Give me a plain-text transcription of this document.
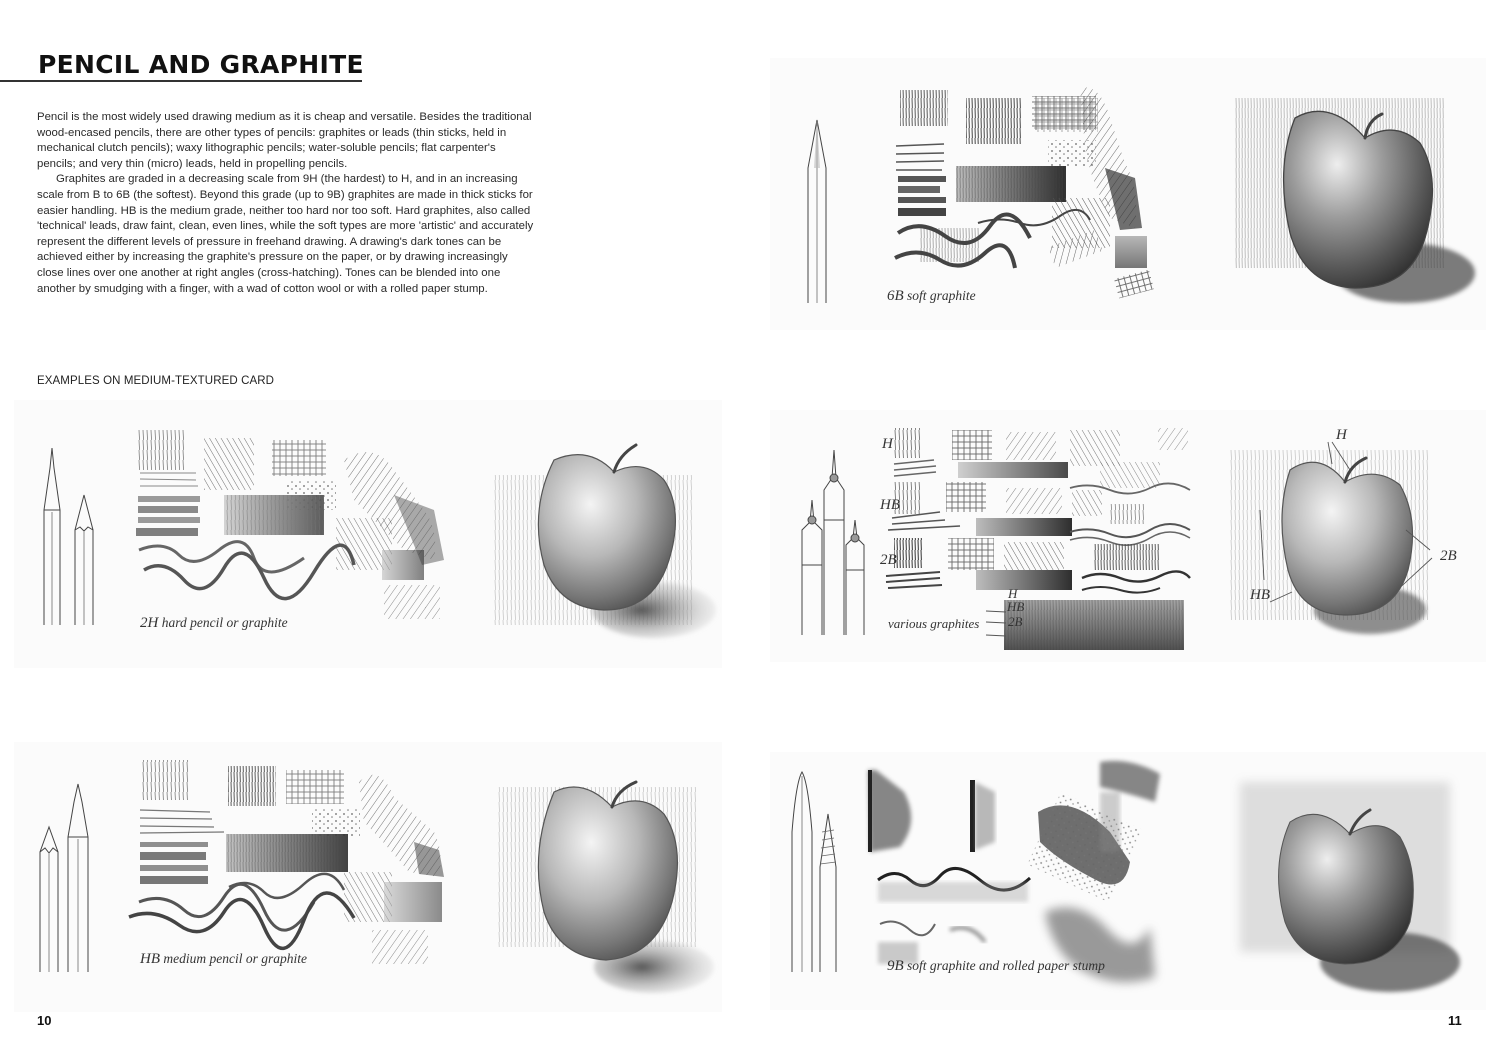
PENCIL AND GRAPHITE

Pencil is the most widely used drawing medium as it is cheap and versatile. Besides the traditional wood-encased pencils, there are other types of pencils: graphites or leads (thin sticks, held in mechanical clutch pencils); waxy lithographic pencils; water-soluble pencils; flat carpenter's pencils; and very thin (micro) leads, held in propelling pencils.

Graphites are graded in a decreasing scale from 9H (the hardest) to H, and in an increasing scale from B to 6B (the softest). Beyond this grade (up to 9B) graphites are made in thick sticks for easier handling. HB is the medium grade, neither too hard nor too soft. Hard graphites, also called 'technical' leads, draw faint, clean, even lines, while the soft types are more 'artistic' and accurately represent the different levels of pressure in freehand drawing. A drawing's dark tones can be achieved either by increasing the graphite's pressure on the paper, or by drawing increasingly close lines over one another at right angles (cross-hatching). Tones can be blended into one another by smudging with a finger, with a wad of cotton wool or with a rolled paper stump.

EXAMPLES ON MEDIUM-TEXTURED CARD
2H hard pencil or graphite
HB medium pencil or graphite
10
6B soft graphite
H
HB
2B
H
HB
2B
various graphites
H
2B
HB
9B soft graphite and rolled paper stump
11
